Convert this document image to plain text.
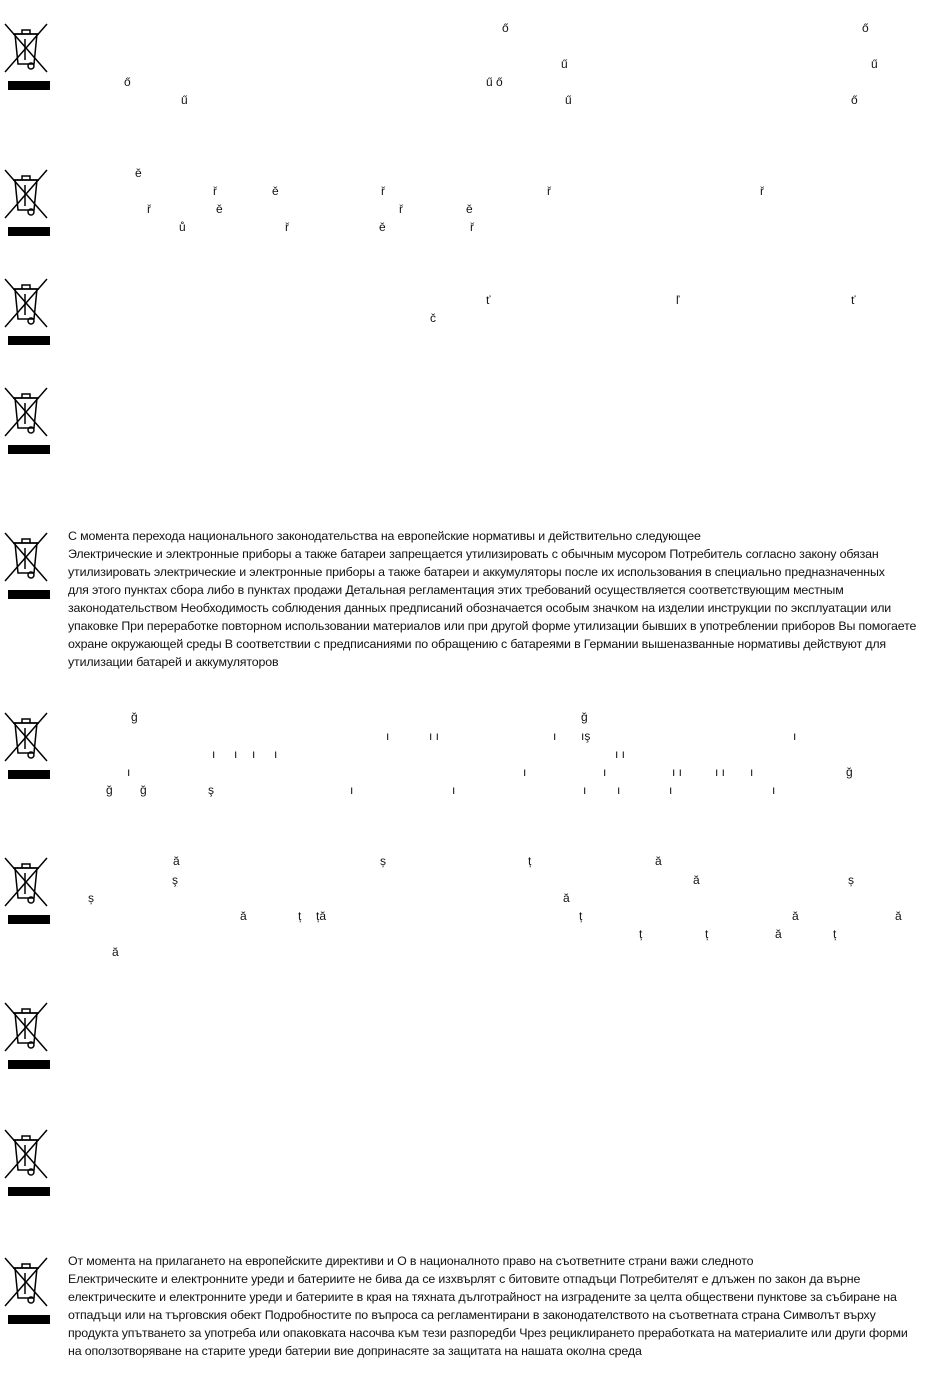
ő	ő
ű	ű
ő	ű ő
ű	ű	ő
ě
ř	ě	ř	ř	ř
ř	ě	ř	ě
ů	ř	ě	ř
ť	ľ	ť
č
ğ	ğ
ı	ı ı	ı ış	ı
ı ı ı ı	ı ı
ı	ı	ı	ı ı	ı ı ı	ğ
ğ ğ	ş	ı	ı	ı	ı	ı	ı
ă	ș	ț	ă
ş	ă	ș
ș	ă
ă	ț ță	ț	ă	ă
ț	ț	ă	ț
ă
С момента перехода национального законодательства на европейские нормативы и действительно следующее
Электрические и электронные приборы а также батареи запрещается утилизировать с обычным мусором Потребитель согласно закону обязан
утилизировать электрические и электронные приборы а также батареи и аккумуляторы после их использования в специально предназначенных
для этого пунктах сбора либо в пунктах продажи Детальная регламентация этих требований осуществляется соответствующим местным
законодательством Необходимость соблюдения данных предписаний обозначается особым значком на изделии инструкции по эксплуатации или
упаковке При переработке повторном использовании материалов или при другой форме утилизации бывших в употреблении приборов Вы помогаете
охране окружающей среды В соответствии с предписаниями по обращению с батареями в Германии вышеназванные нормативы действуют для
утилизации батарей и аккумуляторов
От момента на прилагането на европейските директиви и О в националното право на съответните страни важи следното
Електрическите и електронните уреди и батериите не бива да се изхвърлят с битовите отпадъци Потребителят е длъжен по закон да върне
електрическите и електронните уреди и батериите в края на тяхната дълготрайност на изградените за целта обществени пунктове за събиране на
отпадъци или на търговския обект Подробностите по въпроса са регламентирани в законодателството на съответната страна Символът върху
продукта упътването за употреба или опаковката насочва към тези разпоредби Чрез рециклирането преработката на материалите или други форми
на оползотворяване на старите уреди батерии вие допринасяте за защитата на нашата околна среда
